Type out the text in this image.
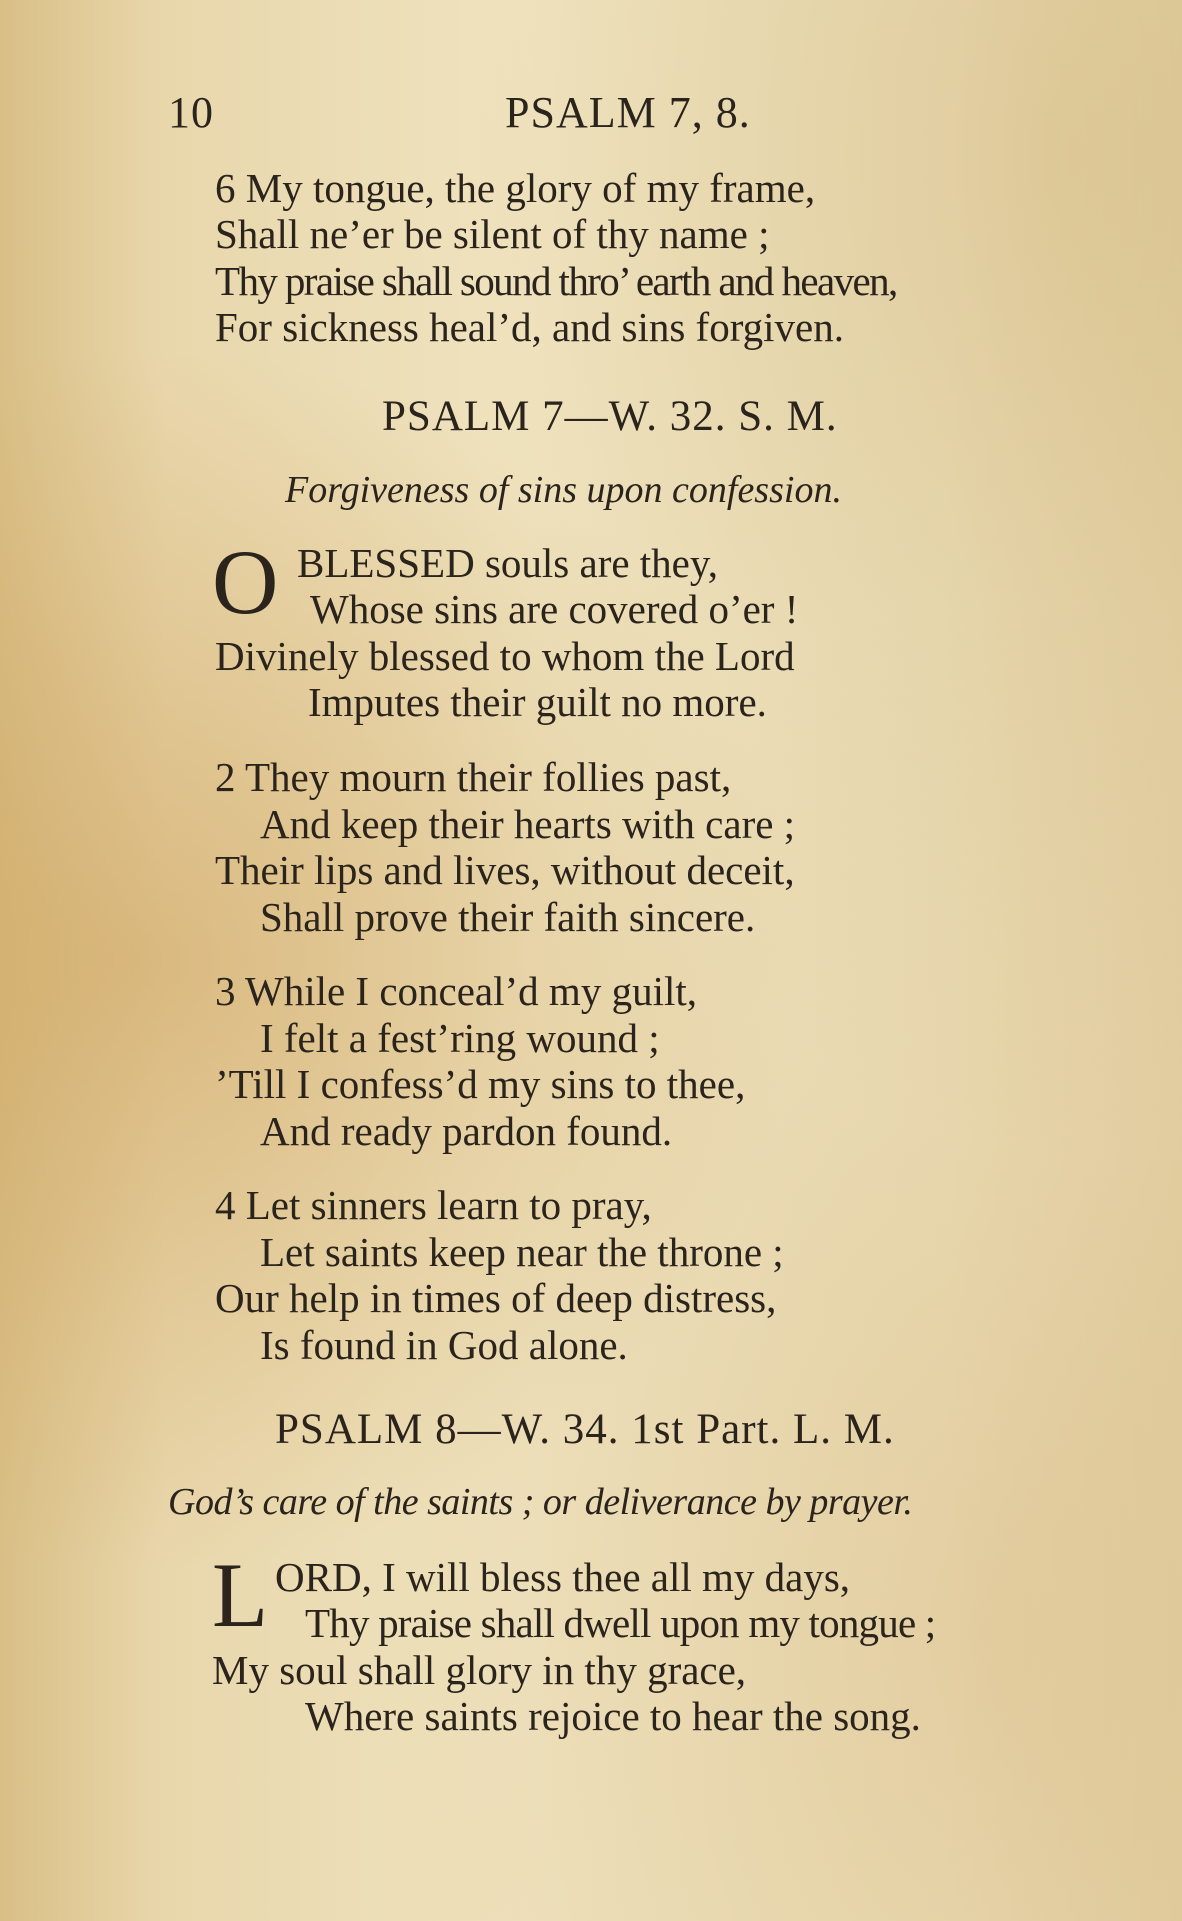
10	PSALM 7, 8.
6 My tongue, the glory of my frame,
Shall ne’er be silent of thy name ;
Thy praise shall sound thro’ earth and heaven,
For sickness heal’d, and sins forgiven.
PSALM 7—W. 32. S. M.
Forgiveness of sins upon confession.
O BLESSED souls are they,
Whose sins are covered o’er !
Divinely blessed to whom the Lord
Imputes their guilt no more.
2 They mourn their follies past,
And keep their hearts with care ;
Their lips and lives, without deceit,
Shall prove their faith sincere.
3 While I conceal’d my guilt,
I felt a fest’ring wound ;
’Till I confess’d my sins to thee,
And ready pardon found.
4 Let sinners learn to pray,
Let saints keep near the throne ;
Our help in times of deep distress,
Is found in God alone.
PSALM 8—W. 34. 1st Part. L. M.
God’s care of the saints ; or deliverance by prayer.
L ORD, I will bless thee all my days,
Thy praise shall dwell upon my tongue ;
My soul shall glory in thy grace,
Where saints rejoice to hear the song.
